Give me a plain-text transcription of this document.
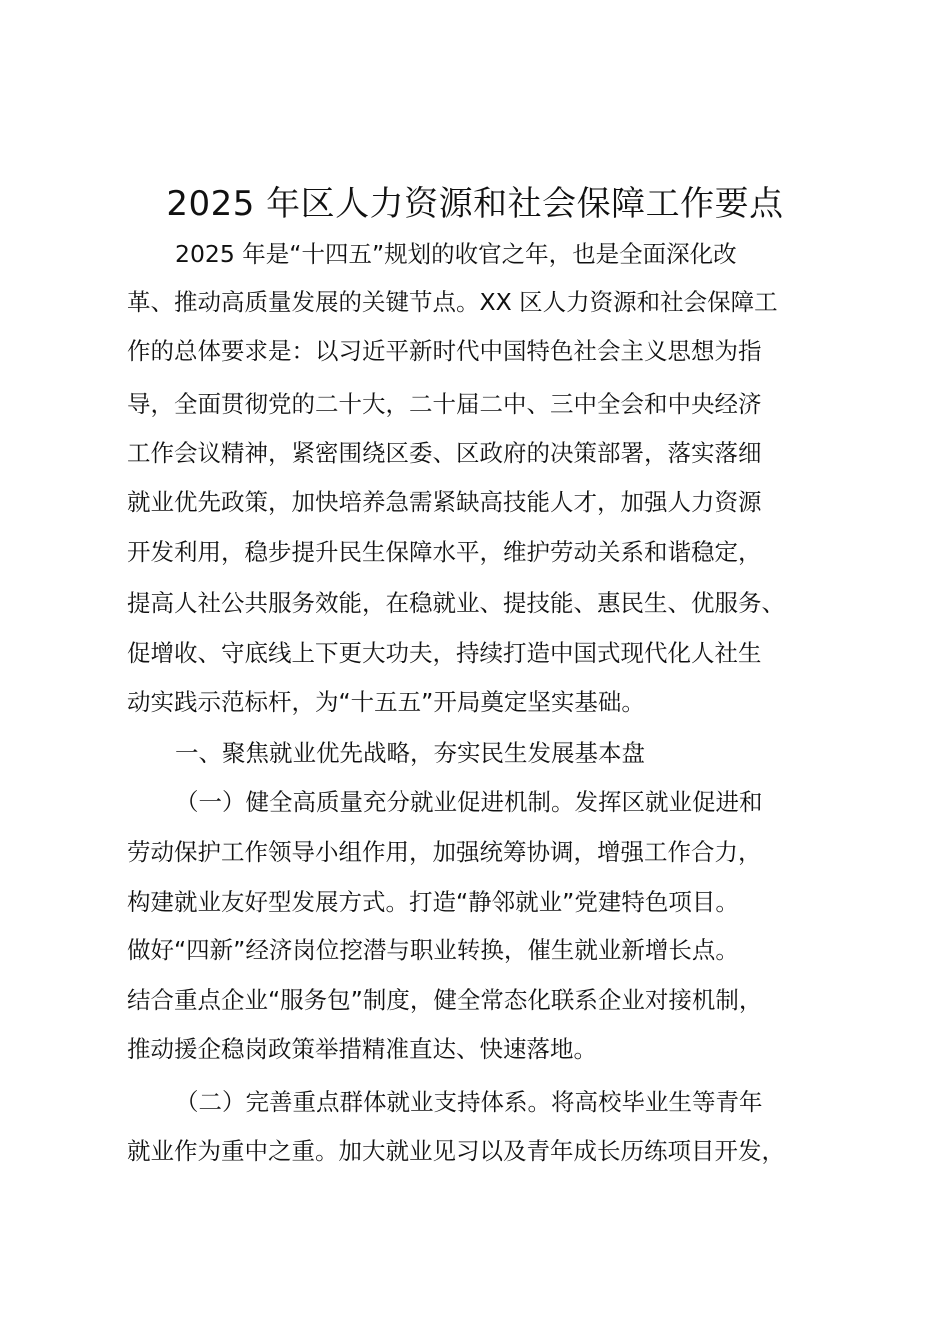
2025 年区人力资源和社会保障工作要点
2025 年是“十四五”规划的收官之年，也是全面深化改
革、推动高质量发展的关键节点。XX 区人力资源和社会保障工
作的总体要求是：以习近平新时代中国特色社会主义思想为指
导，全面贯彻党的二十大，二十届二中、三中全会和中央经济
工作会议精神，紧密围绕区委、区政府的决策部署，落实落细
就业优先政策，加快培养急需紧缺高技能人才，加强人力资源
开发利用，稳步提升民生保障水平，维护劳动关系和谐稳定，
提高人社公共服务效能，在稳就业、提技能、惠民生、优服务、
促增收、守底线上下更大功夫，持续打造中国式现代化人社生
动实践示范标杆，为“十五五”开局奠定坚实基础。
一、聚焦就业优先战略，夯实民生发展基本盘
（一）健全高质量充分就业促进机制。发挥区就业促进和
劳动保护工作领导小组作用，加强统筹协调，增强工作合力，
构建就业友好型发展方式。打造“静邻就业”党建特色项目。
做好“四新”经济岗位挖潜与职业转换，催生就业新增长点。
结合重点企业“服务包”制度，健全常态化联系企业对接机制，
推动援企稳岗政策举措精准直达、快速落地。
（二）完善重点群体就业支持体系。将高校毕业生等青年
就业作为重中之重。加大就业见习以及青年成长历练项目开发，
